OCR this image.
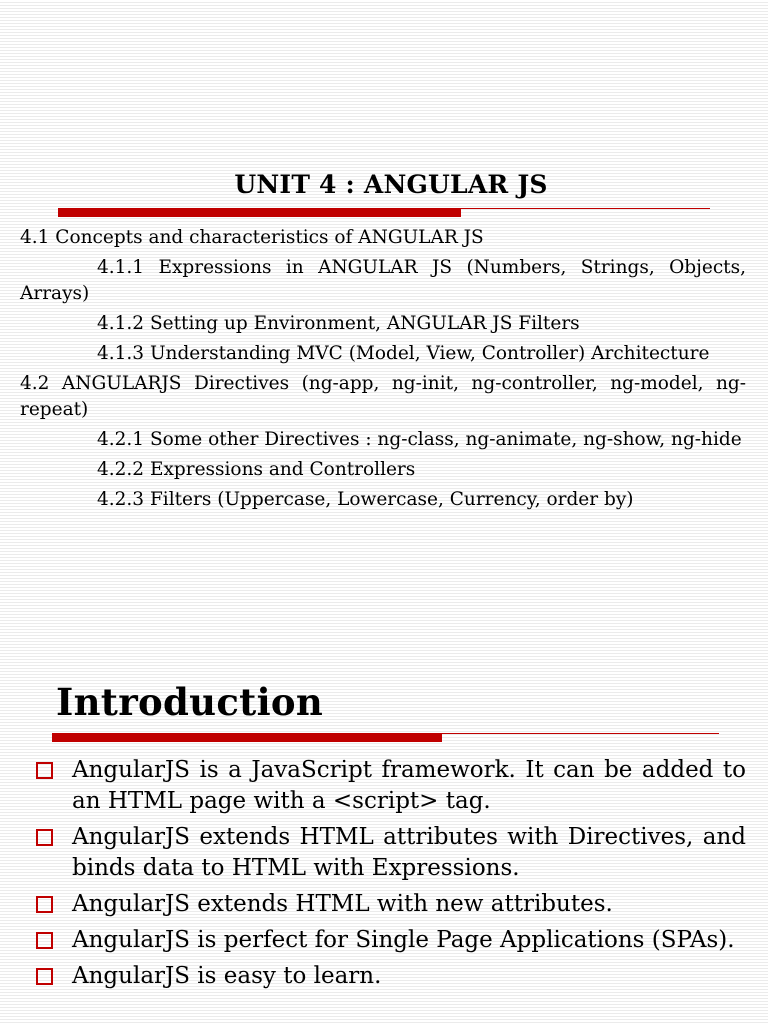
UNIT 4 : ANGULAR JS

4.1 Concepts and characteristics of ANGULAR JS

4.1.1 Expressions in ANGULAR JS (Numbers, Strings, Objects, Arrays)

4.1.2 Setting up Environment, ANGULAR JS Filters

4.1.3 Understanding MVC (Model, View, Controller) Architecture

4.2 ANGULARJS Directives (ng-app, ng-init, ng-controller, ng-model, ng-repeat)

4.2.1 Some other Directives : ng-class, ng-animate, ng-show, ng-hide

4.2.2 Expressions and Controllers

4.2.3 Filters (Uppercase, Lowercase, Currency, order by)

Introduction
AngularJS is a JavaScript framework. It can be added to an HTML page with a <script> tag.
AngularJS extends HTML attributes with Directives, and binds data to HTML with Expressions.
AngularJS extends HTML with new attributes.
AngularJS is perfect for Single Page Applications (SPAs).
AngularJS is easy to learn.
